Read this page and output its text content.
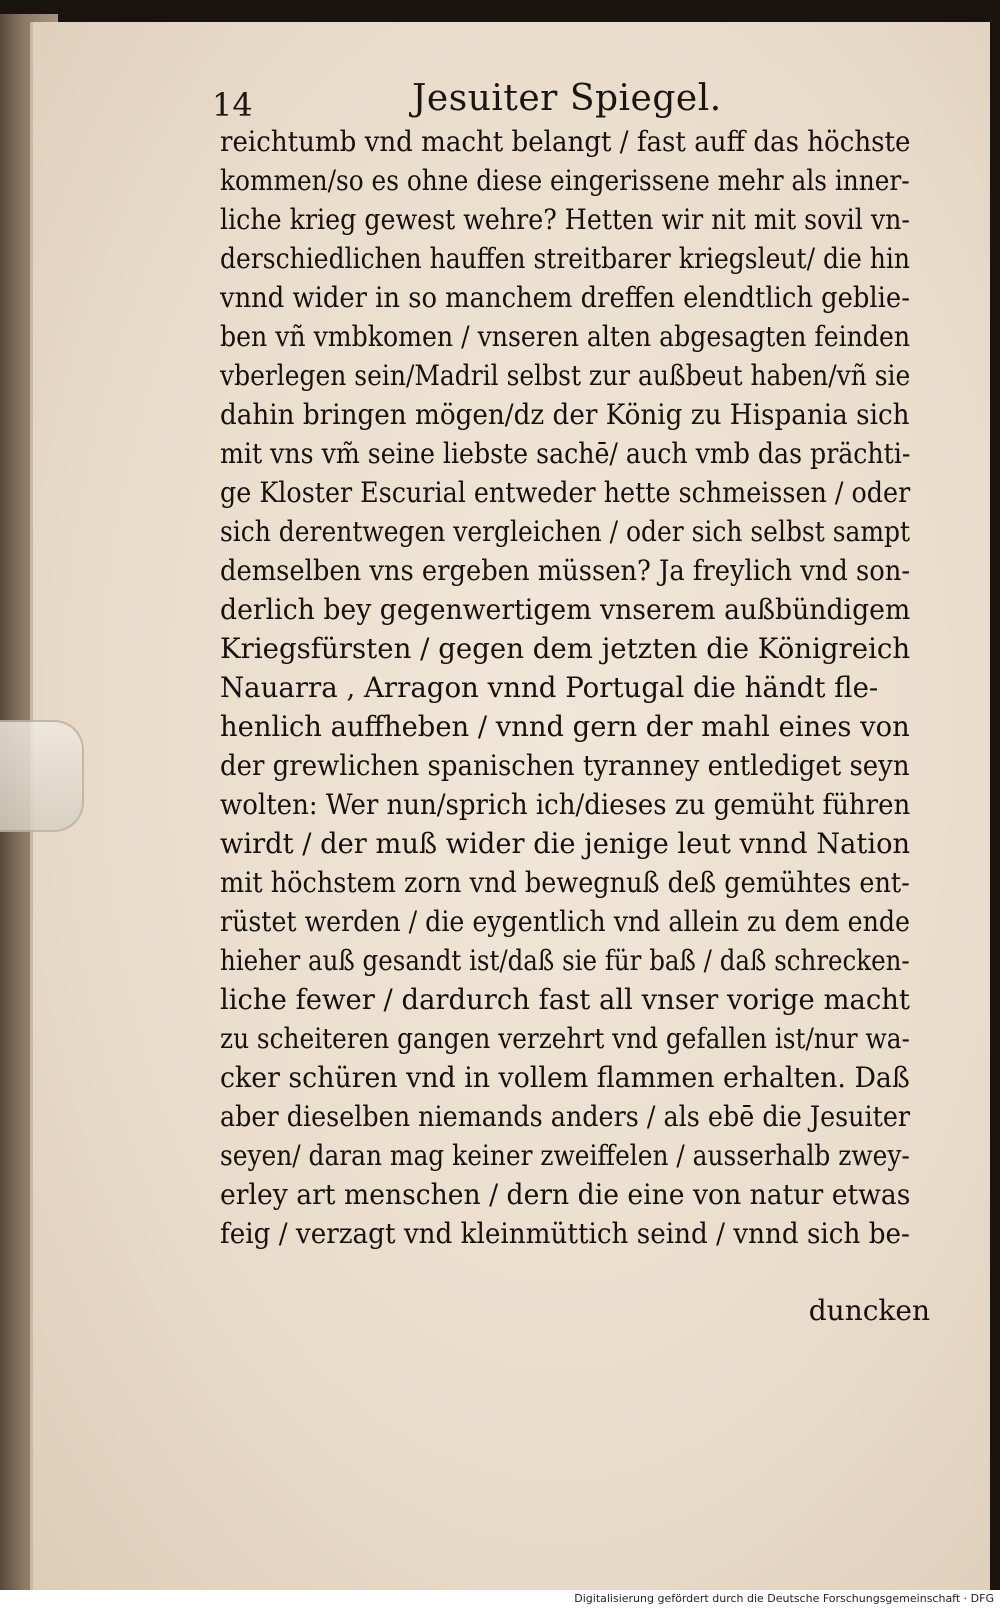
14	Jesuiter Spiegel.
reichtumb vnd macht belangt / fast auff das höchste
kommen/so es ohne diese eingerissene mehr als inner-
liche krieg gewest wehre? Hetten wir nit mit sovil vn-
derschiedlichen hauffen streitbarer kriegsleut/ die hin
vnnd wider in so manchem dreffen elendtlich geblie-
ben vñ vmbkomen / vnseren alten abgesagten feinden
vberlegen sein/Madril selbst zur außbeut haben/vñ sie
dahin bringen mögen/dz der König zu Hispania sich
mit vns vm̃ seine liebste sachē/ auch vmb das prächti-
ge Kloster Escurial entweder hette schmeissen / oder
sich derentwegen vergleichen / oder sich selbst sampt
demselben vns ergeben müssen? Ja freylich vnd son-
derlich bey gegenwertigem vnserem außbündigem
Kriegsfürsten / gegen dem jetzten die Königreich
Nauarra , Arragon vnnd Portugal die händt fle-
henlich auffheben / vnnd gern der mahl eines von
der grewlichen spanischen tyranney entlediget seyn
wolten: Wer nun/sprich ich/dieses zu gemüht führen
wirdt / der muß wider die jenige leut vnnd Nation
mit höchstem zorn vnd bewegnuß deß gemühtes ent-
rüstet werden / die eygentlich vnd allein zu dem ende
hieher auß gesandt ist/daß sie für baß / daß schrecken-
liche fewer / dardurch fast all vnser vorige macht
zu scheiteren gangen verzehrt vnd gefallen ist/nur wa-
cker schüren vnd in vollem flammen erhalten. Daß
aber dieselben niemands anders / als ebē die Jesuiter
seyen/ daran mag keiner zweiffelen / ausserhalb zwey-
erley art menschen / dern die eine von natur etwas
feig / verzagt vnd kleinmüttich seind / vnnd sich be-
duncken
Digitalisierung gefördert durch die Deutsche Forschungsgemeinschaft · DFG
